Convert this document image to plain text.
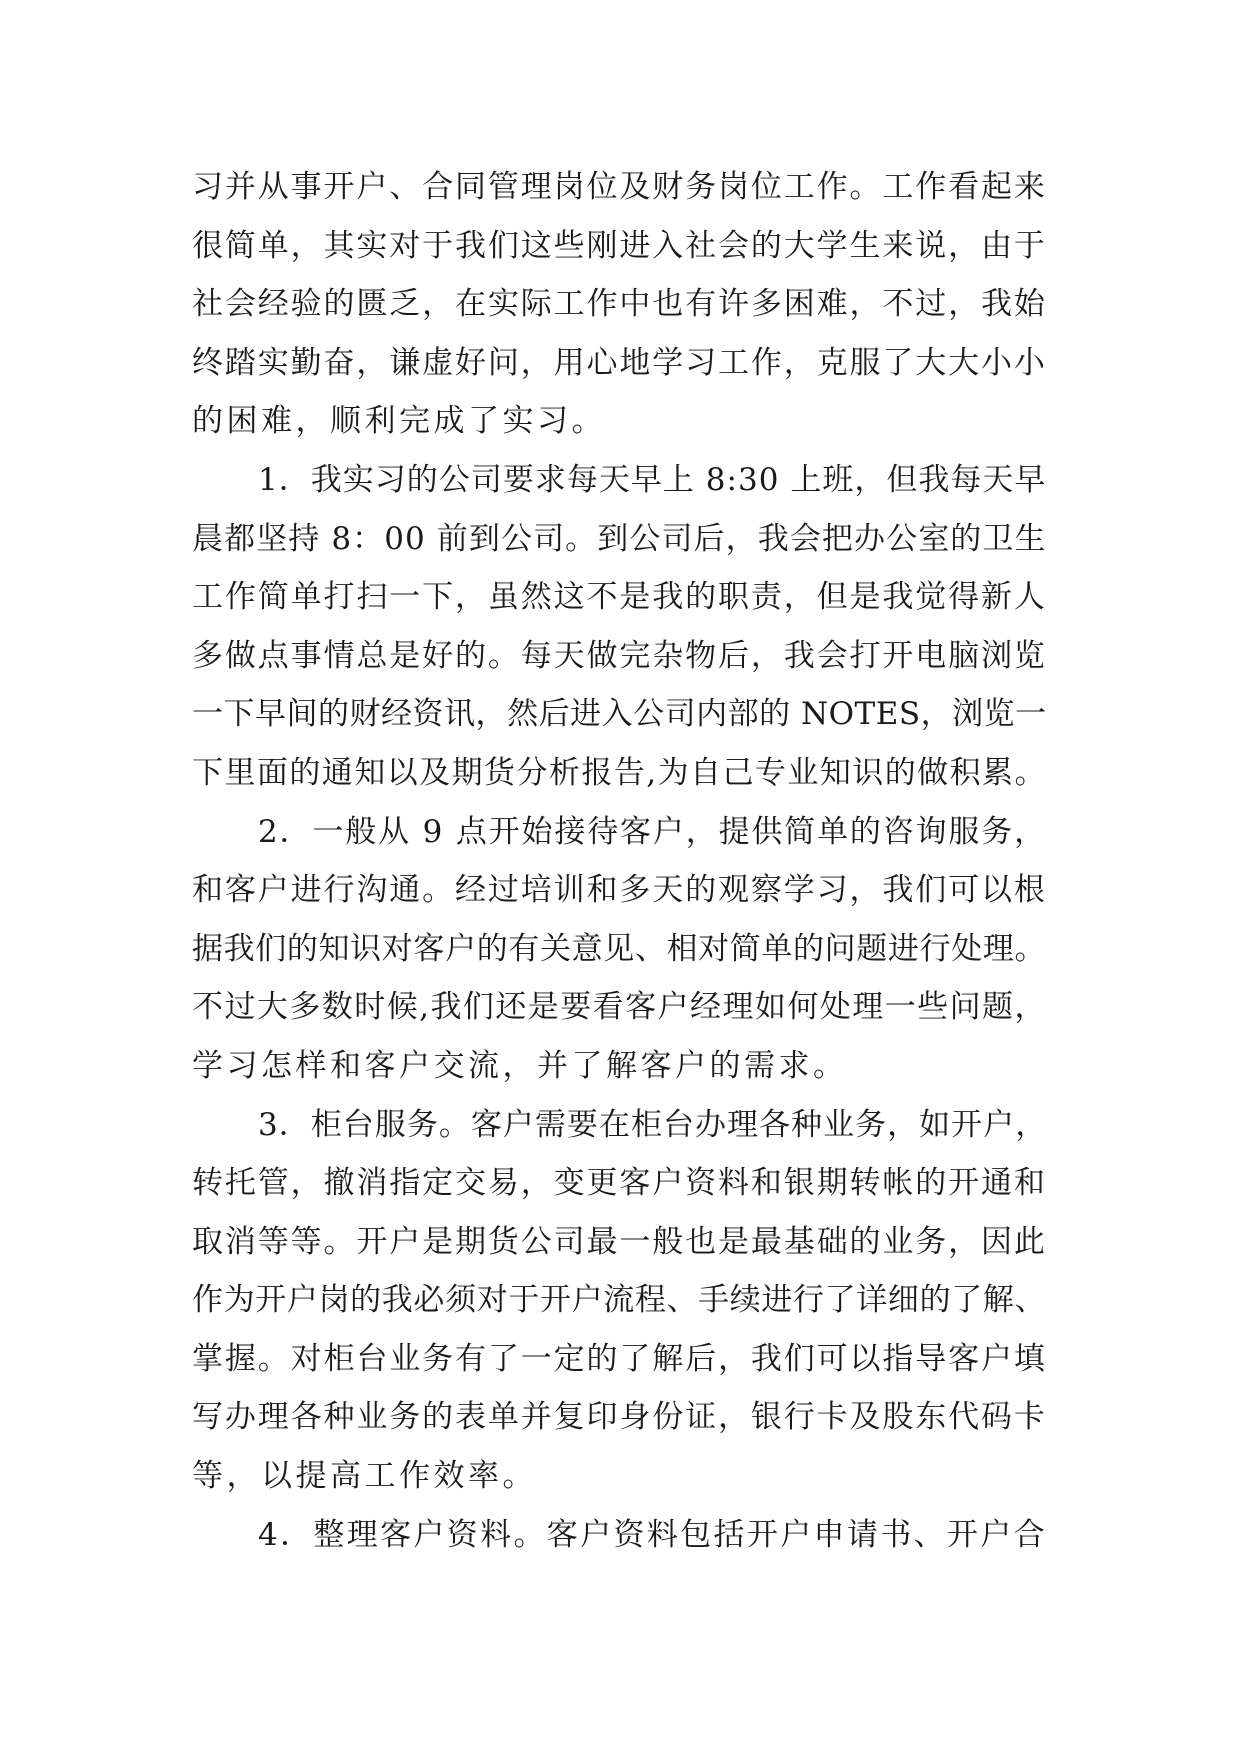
习并从事开户、合同管理岗位及财务岗位工作。工作看起来
很简单，其实对于我们这些刚进入社会的大学生来说，由于
社会经验的匮乏，在实际工作中也有许多困难，不过，我始
终踏实勤奋，谦虚好问，用心地学习工作，克服了大大小小
的困难，顺利完成了实习。

1．我实习的公司要求每天早上 8:30 上班，但我每天早
晨都坚持 8：00 前到公司。到公司后，我会把办公室的卫生
工作简单打扫一下，虽然这不是我的职责，但是我觉得新人
多做点事情总是好的。每天做完杂物后，我会打开电脑浏览
一下早间的财经资讯，然后进入公司内部的 NOTES，浏览一
下里面的通知以及期货分析报告,为自己专业知识的做积累。

2．一般从 9 点开始接待客户，提供简单的咨询服务，
和客户进行沟通。经过培训和多天的观察学习，我们可以根
据我们的知识对客户的有关意见、相对简单的问题进行处理。
不过大多数时候,我们还是要看客户经理如何处理一些问题，
学习怎样和客户交流，并了解客户的需求。

3．柜台服务。客户需要在柜台办理各种业务，如开户，
转托管，撤消指定交易，变更客户资料和银期转帐的开通和
取消等等。开户是期货公司最一般也是最基础的业务，因此
作为开户岗的我必须对于开户流程、手续进行了详细的了解、
掌握。对柜台业务有了一定的了解后，我们可以指导客户填
写办理各种业务的表单并复印身份证，银行卡及股东代码卡
等，以提高工作效率。

4．整理客户资料。客户资料包括开户申请书、开户合
